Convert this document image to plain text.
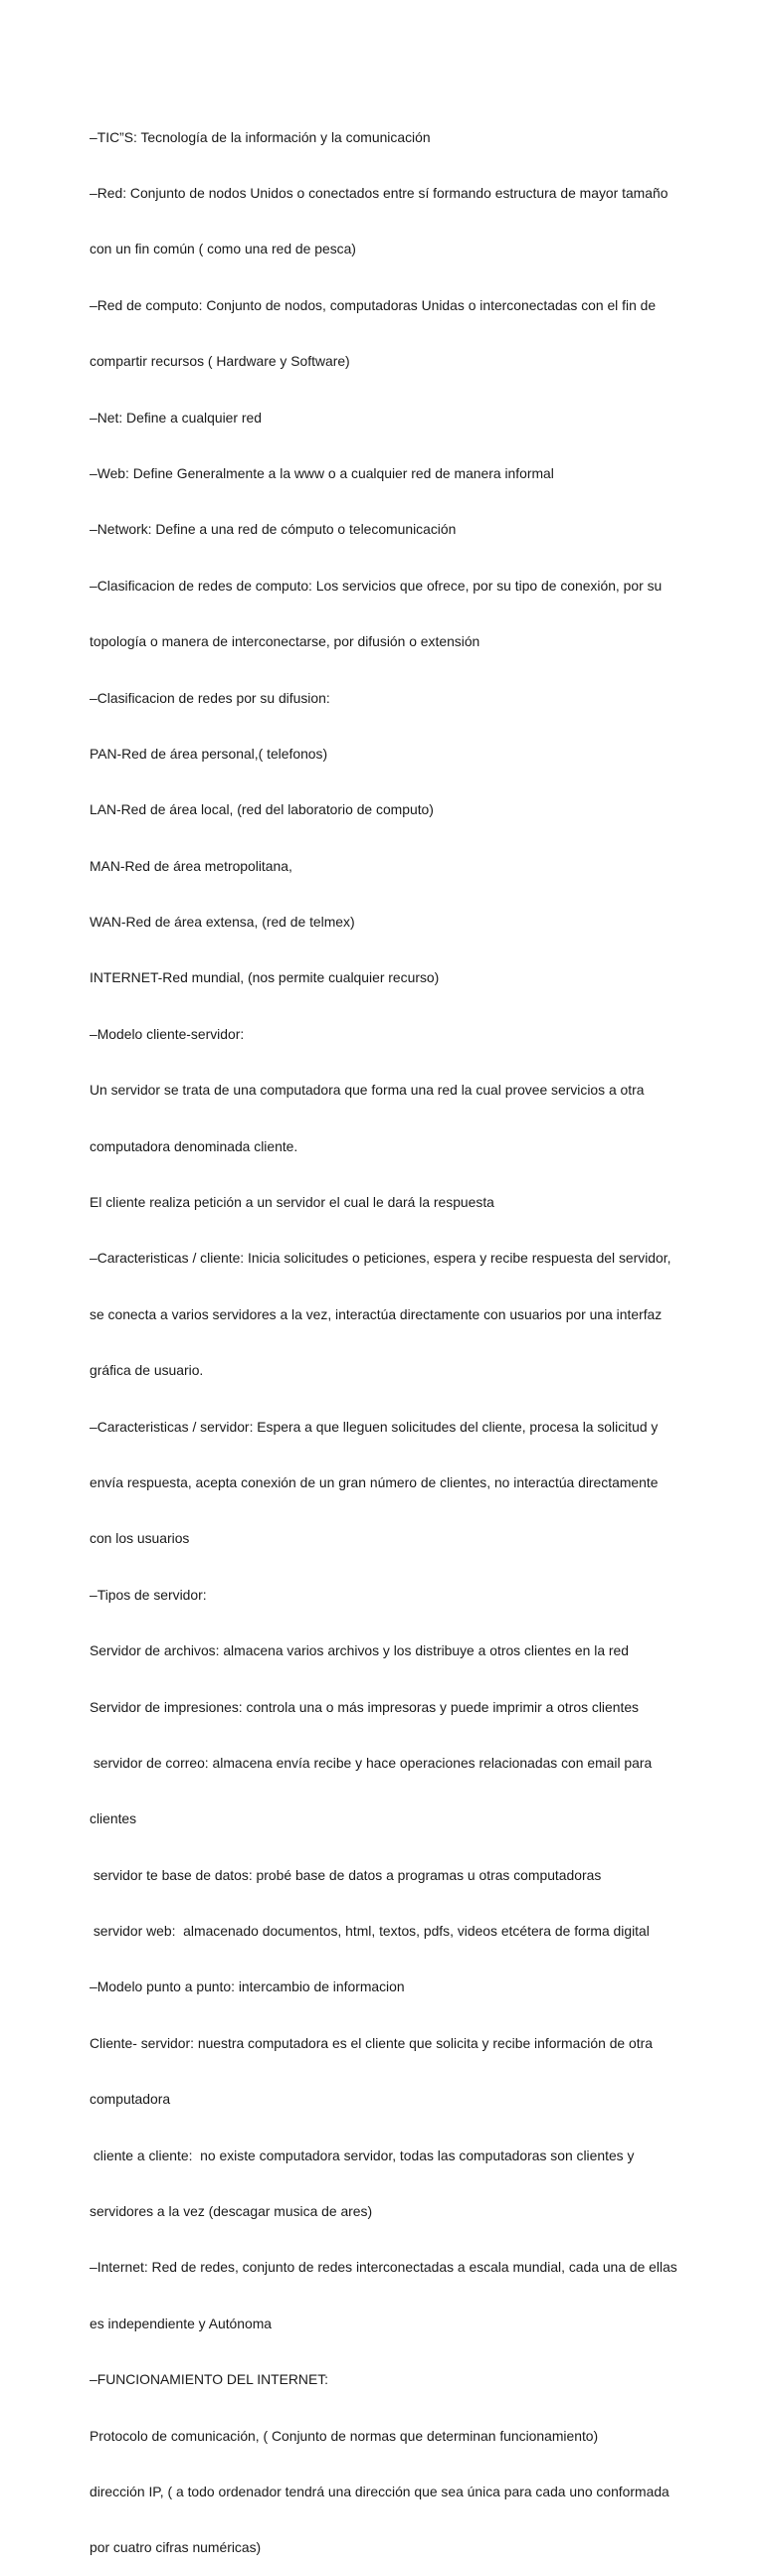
–TIC”S: Tecnología de la información y la comunicación

–Red: Conjunto de nodos Unidos o conectados entre sí formando estructura de mayor tamaño

con un fin común ( como una red de pesca)

–Red de computo: Conjunto de nodos, computadoras Unidas o interconectadas con el fin de

compartir recursos ( Hardware y Software)

–Net: Define a cualquier red

–Web: Define Generalmente a la www o a cualquier red de manera informal

–Network: Define a una red de cómputo o telecomunicación

–Clasificacion de redes de computo: Los servicios que ofrece, por su tipo de conexión, por su

topología o manera de interconectarse, por difusión o extensión

–Clasificacion de redes por su difusion:

PAN-Red de área personal,( telefonos)

LAN-Red de área local, (red del laboratorio de computo)

MAN-Red de área metropolitana,

WAN-Red de área extensa, (red de telmex)

INTERNET-Red mundial, (nos permite cualquier recurso)

–Modelo cliente-servidor:

Un servidor se trata de una computadora que forma una red la cual provee servicios a otra

computadora denominada cliente.

El cliente realiza petición a un servidor el cual le dará la respuesta

–Caracteristicas / cliente: Inicia solicitudes o peticiones, espera y recibe respuesta del servidor,

se conecta a varios servidores a la vez, interactúa directamente con usuarios por una interfaz

gráfica de usuario.

–Caracteristicas / servidor: Espera a que lleguen solicitudes del cliente, procesa la solicitud y

envía respuesta, acepta conexión de un gran número de clientes, no interactúa directamente

con los usuarios

–Tipos de servidor:

Servidor de archivos: almacena varios archivos y los distribuye a otros clientes en la red

Servidor de impresiones: controla una o más impresoras y puede imprimir a otros clientes

servidor de correo: almacena envía recibe y hace operaciones relacionadas con email para

clientes

servidor te base de datos: probé base de datos a programas u otras computadoras

servidor web:  almacenado documentos, html, textos, pdfs, videos etcétera de forma digital

–Modelo punto a punto: intercambio de informacion

Cliente- servidor: nuestra computadora es el cliente que solicita y recibe información de otra

computadora

cliente a cliente:  no existe computadora servidor, todas las computadoras son clientes y

servidores a la vez (descagar musica de ares)

–Internet: Red de redes, conjunto de redes interconectadas a escala mundial, cada una de ellas

es independiente y Autónoma

–FUNCIONAMIENTO DEL INTERNET:

Protocolo de comunicación, ( Conjunto de normas que determinan funcionamiento)

dirección IP, ( a todo ordenador tendrá una dirección que sea única para cada uno conformada

por cuatro cifras numéricas)
